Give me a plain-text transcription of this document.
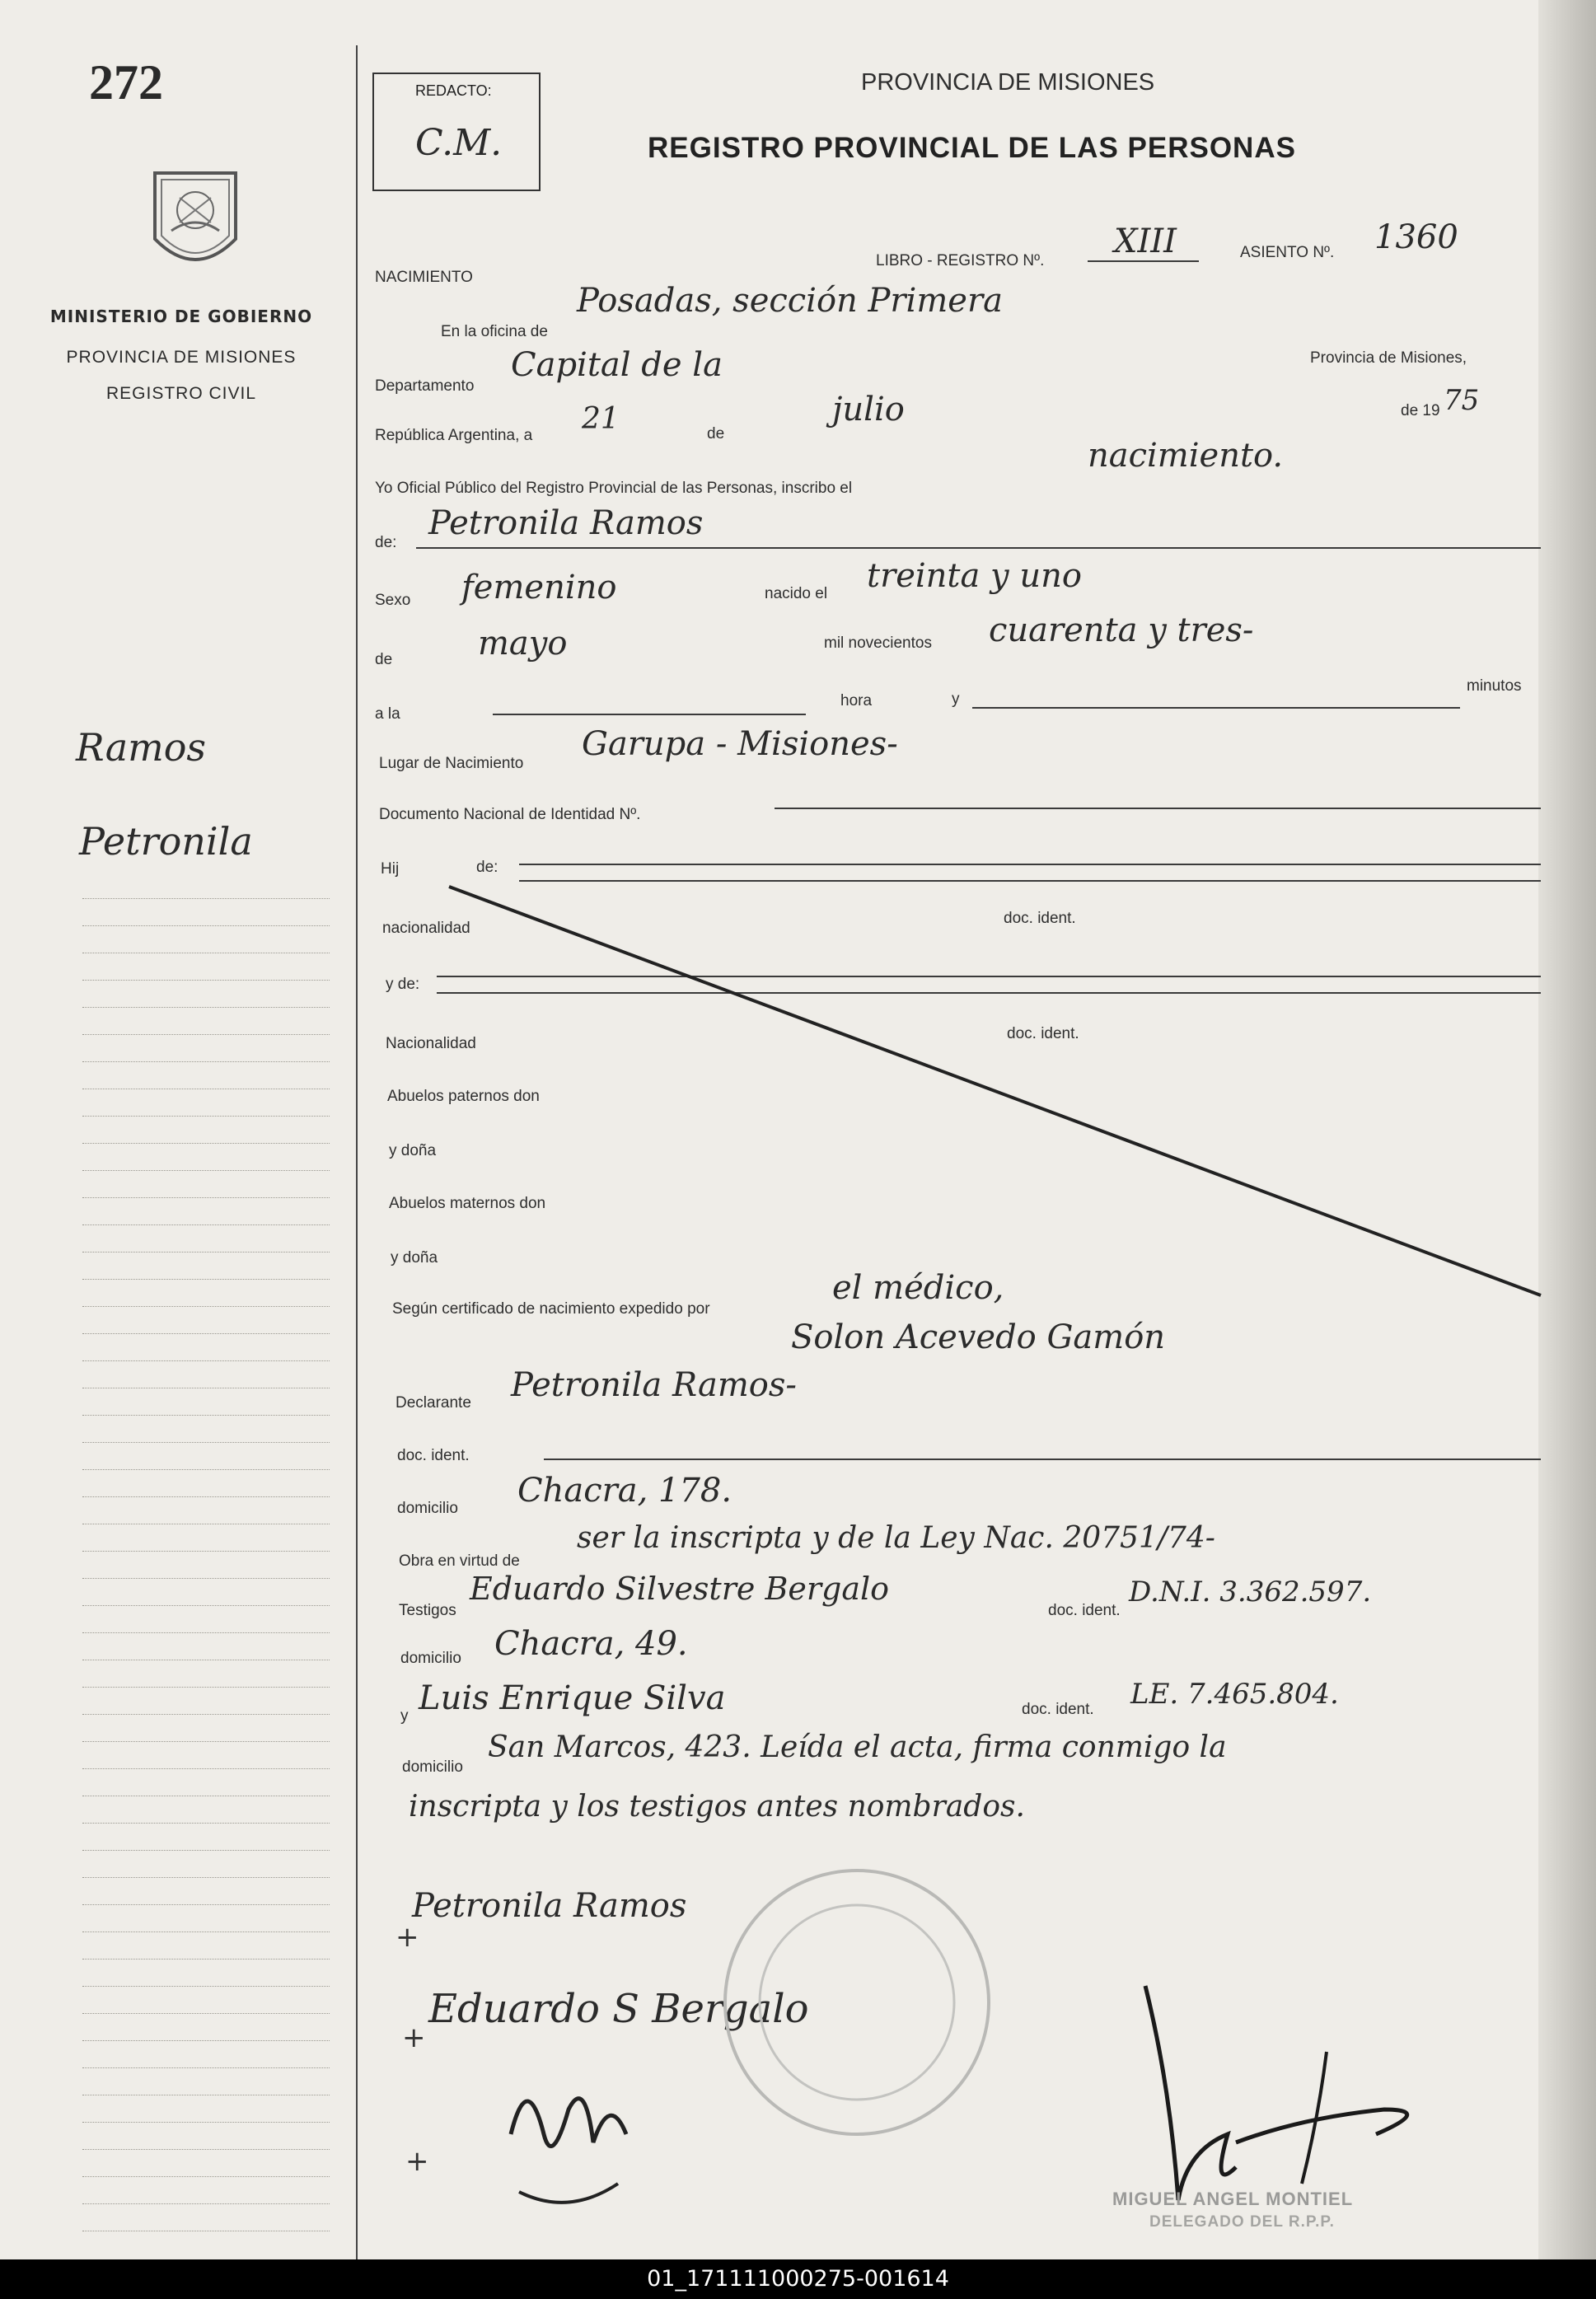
272
MINISTERIO DE GOBIERNO
PROVINCIA DE MISIONES
REGISTRO CIVIL
Ramos
Petronila
REDACTO:
C.M.
PROVINCIA DE MISIONES
REGISTRO PROVINCIAL DE LAS PERSONAS
NACIMIENTO
LIBRO - REGISTRO Nº.
XIII	ASIENTO Nº. 1360
En la oficina de
Posadas, sección Primera
Departamento
Capital de la	Provincia de Misiones,
República Argentina, a 21	de
julio	de 19 75
Yo Oficial Público del Registro Provincial de las Personas, inscribo el
nacimiento.
de:
Petronila Ramos
Sexo femenino	nacido el treinta y uno
de	mayo	mil novecientos cuarenta y tres-
a la
hora	y
minutos
Lugar de Nacimiento
Garupa - Misiones-
Documento Nacional de Identidad Nº.
Hij	de:
nacionalidad
doc. ident.
y de:
Nacionalidad
doc. ident.
Abuelos paternos don
y doña
Abuelos maternos don
y doña
Según certificado de nacimiento expedido por
el médico,
Solon Acevedo Gamón
Declarante Petronila Ramos-
doc. ident.
domicilio Chacra, 178.
Obra en virtud de
ser la inscripta y de la Ley Nac. 20751/74-
Testigos
Eduardo Silvestre Bergalo
doc. ident.
D.N.I. 3.362.597.
domicilio Chacra, 49.
y Luis Enrique Silva	doc. ident. LE. 7.465.804.
domicilio
San Marcos, 423. Leída el acta, firma conmigo la
inscripta y los testigos antes nombrados.
Petronila Ramos
Eduardo S Bergalo
+
+
+
MIGUEL ANGEL MONTIEL
DELEGADO DEL R.P.P.
01_171111000275-001614
